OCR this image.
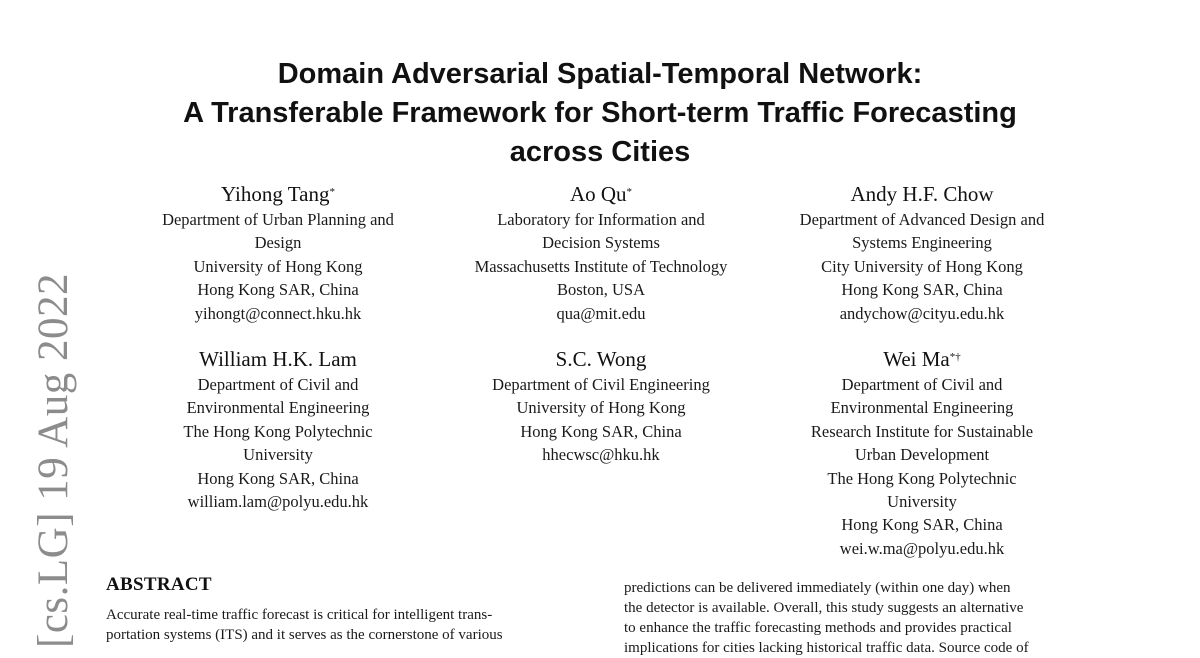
[cs.LG] 19 Aug 2022
Domain Adversarial Spatial-Temporal Network:
A Transferable Framework for Short-term Traffic Forecasting
across Cities
Yihong Tang*
Department of Urban Planning and
Design
University of Hong Kong
Hong Kong SAR, China
yihongt@connect.hku.hk
Ao Qu*
Laboratory for Information and
Decision Systems
Massachusetts Institute of Technology
Boston, USA
qua@mit.edu
Andy H.F. Chow
Department of Advanced Design and
Systems Engineering
City University of Hong Kong
Hong Kong SAR, China
andychow@cityu.edu.hk
William H.K. Lam
Department of Civil and
Environmental Engineering
The Hong Kong Polytechnic
University
Hong Kong SAR, China
william.lam@polyu.edu.hk
S.C. Wong
Department of Civil Engineering
University of Hong Kong
Hong Kong SAR, China
hhecwsc@hku.hk
Wei Ma*†
Department of Civil and
Environmental Engineering
Research Institute for Sustainable
Urban Development
The Hong Kong Polytechnic
University
Hong Kong SAR, China
wei.w.ma@polyu.edu.hk
ABSTRACT
Accurate real-time traffic forecast is critical for intelligent trans-
portation systems (ITS) and it serves as the cornerstone of various
predictions can be delivered immediately (within one day) when
the detector is available. Overall, this study suggests an alternative
to enhance the traffic forecasting methods and provides practical
implications for cities lacking historical traffic data. Source code of
